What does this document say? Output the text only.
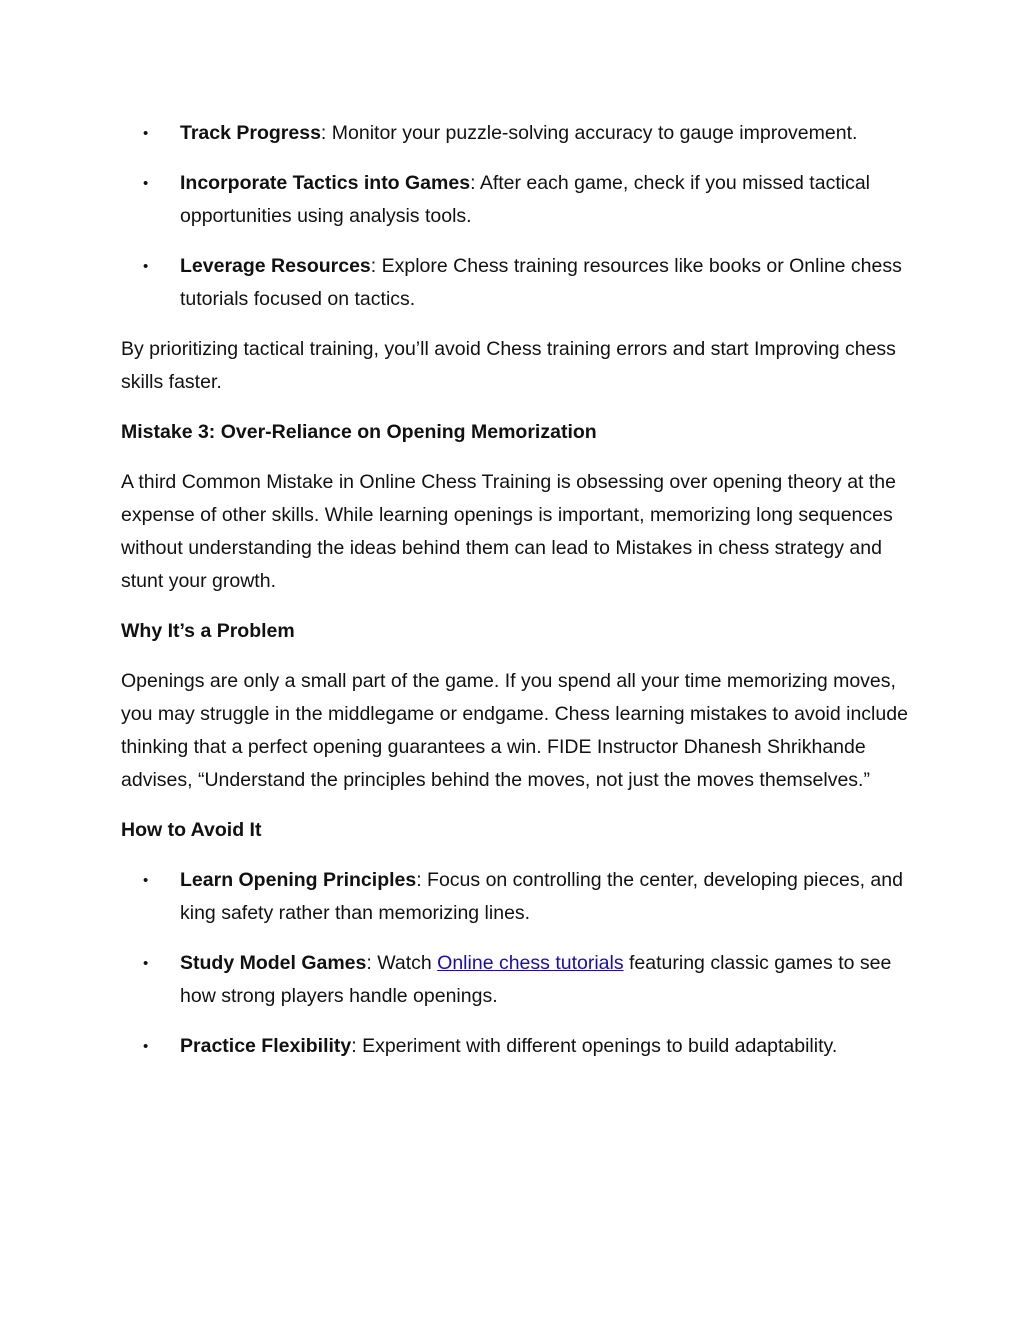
• Track Progress: Monitor your puzzle-solving accuracy to gauge improvement.
• Incorporate Tactics into Games: After each game, check if you missed tactical opportunities using analysis tools.
• Leverage Resources: Explore Chess training resources like books or Online chess tutorials focused on tactics.

By prioritizing tactical training, you’ll avoid Chess training errors and start Improving chess skills faster.

Mistake 3: Over-Reliance on Opening Memorization

A third Common Mistake in Online Chess Training is obsessing over opening theory at the expense of other skills. While learning openings is important, memorizing long sequences without understanding the ideas behind them can lead to Mistakes in chess strategy and stunt your growth.

Why It’s a Problem

Openings are only a small part of the game. If you spend all your time memorizing moves, you may struggle in the middlegame or endgame. Chess learning mistakes to avoid include thinking that a perfect opening guarantees a win. FIDE Instructor Dhanesh Shrikhande advises, “Understand the principles behind the moves, not just the moves themselves.”

How to Avoid It

• Learn Opening Principles: Focus on controlling the center, developing pieces, and king safety rather than memorizing lines.
• Study Model Games: Watch Online chess tutorials featuring classic games to see how strong players handle openings.
• Practice Flexibility: Experiment with different openings to build adaptability.
